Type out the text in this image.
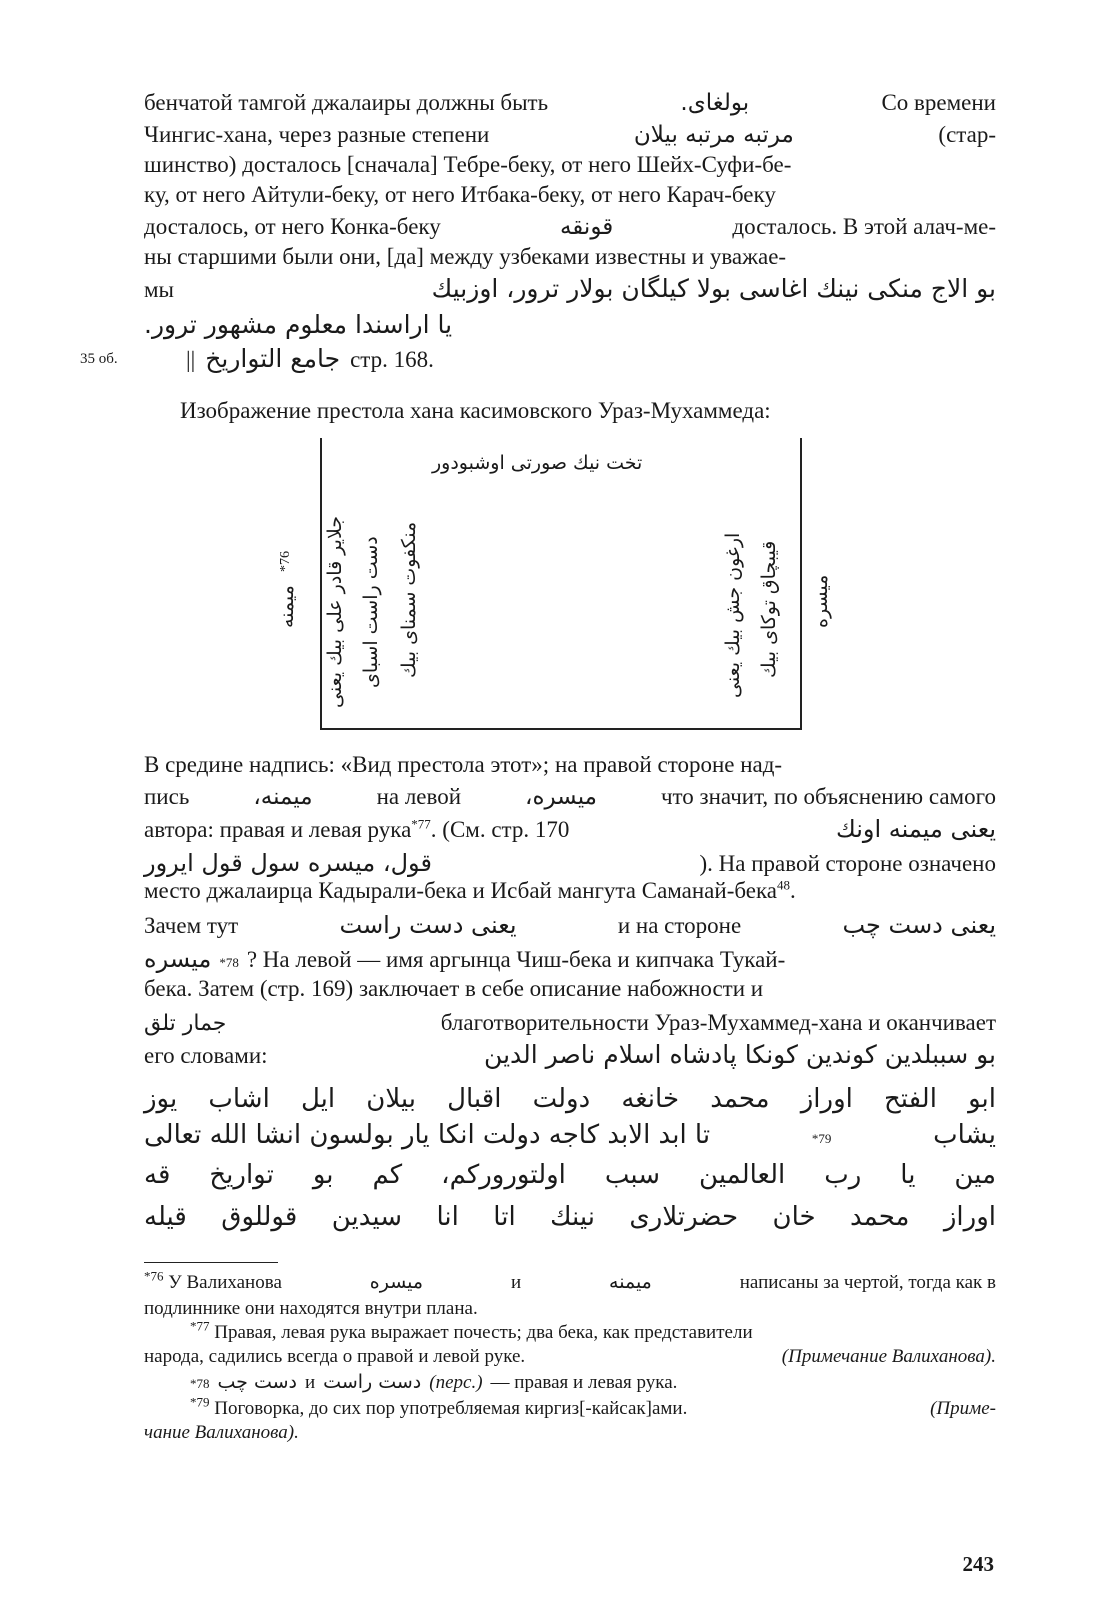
бенчатой тамгой джалаиры должны быть	بولغای.	Со времени
Чингис-хана, через разные степени	مرتبه مرتبه بیلان	(стар-
шинство) досталось [сначала] Тебре-беку, от него Шейх-Суфи-бе-
ку, от него Айтули-беку, от него Итбака-беку, от него Карач-беку
досталось, от него Конка-беку	قونقه	досталось. В этой алач-ме-
ны старшими были они, [да] между узбеками известны и уважае-
мы	بو الاج منکی نینك اغاسی بولا کیلگان بولار ترور، اوزبیك
یا اراسندا معلوم مشهور ترور.
35 об.	|| جامع التواریخ стр. 168.
Изображение престола хана касимовского Ураз-Мухаммеда:
تخت نیك صورتی اوشبودور
جلایر قادر علی بیك یعنی دست راست اسبای منکفوت سمنای بیك	ارغون جش بیك یعنی قیبچاق توکای بیك
میمنه
*76
میسره
В средине надпись: «Вид престола этот»; на правой стороне над-
пись	میمنه،	на левой	میسره،	что значит, по объяснению самого
автора: правая и левая рука$^{*77}$. (См. стр. 170	یعنی میمنه اونك
قول، میسره سول قول ایرور	). На правой стороне означено
место джалаирца Кадырали-бека и Исбай мангута Саманай-бека$^{48}$.
Зачем тут	یعنی دست راست	и на стороне	یعنی دست چب
میسره *78 ? На левой — имя аргынца Чиш-бека и кипчака Тукай-
бека. Затем (стр. 169) заключает в себе описание набожности и
جمار تلق	благотворительности Ураз-Мухаммед-хана и оканчивает
его словами:	بو سببلدین کوندین کونکا پادشاه اسلام ناصر الدین
ابو الفتح اوراز محمد خانغه دولت اقبال بیلان ایل اشاب یوز
یشاب
*79
تا ابد الابد کاجه دولت انکا یار بولسون انشا الله تعالی
مین یا رب العالمین سبب اولتوروركم، کم بو تواریخ قه
اوراز محمد خان حضرتلاری نینك اتا انا سیدین قوللوق قیله
$^{*76}$ У Валиханова	میسره	и	میمنه	написаны за чертой, тогда как в
подлиннике они находятся внутри плана.
$^{*77}$ Правая, левая рука выражает почесть; два бека, как представители
народа, садились всегда о правой и левой руке.	(Примечание Валиханова).
*78 دست چب и دست راست (перс.) — правая и левая рука.
$^{*79}$ Поговорка, до сих пор употребляемая киргиз[-кайсак]ами.	(Приме-
чание Валиханова).
243
